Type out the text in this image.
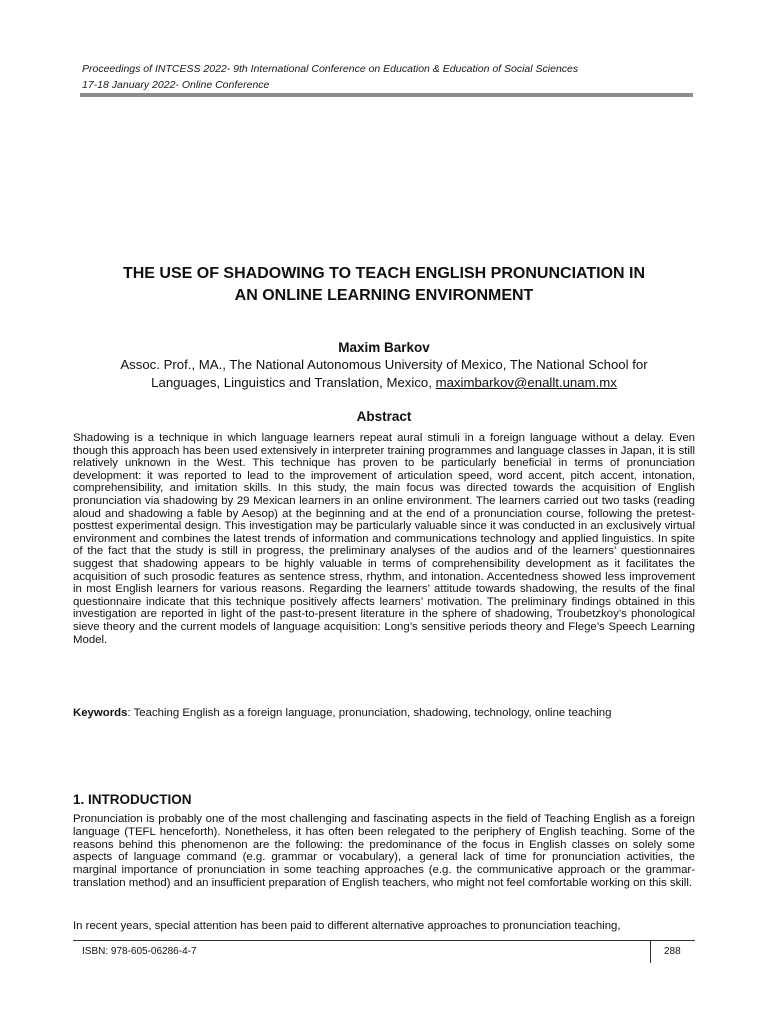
Proceedings of INTCESS 2022- 9th International Conference on Education & Education of Social Sciences
17-18 January 2022- Online Conference
THE USE OF SHADOWING TO TEACH ENGLISH PRONUNCIATION IN
AN ONLINE LEARNING ENVIRONMENT
Maxim Barkov
Assoc. Prof., MA., The National Autonomous University of Mexico, The National School for
Languages, Linguistics and Translation, Mexico, maximbarkov@enallt.unam.mx
Abstract

Shadowing is a technique in which language learners repeat aural stimuli in a foreign language without a delay. Even though this approach has been used extensively in interpreter training programmes and language classes in Japan, it is still relatively unknown in the West. This technique has proven to be particularly beneficial in terms of pronunciation development: it was reported to lead to the improvement of articulation speed, word accent, pitch accent, intonation, comprehensibility, and imitation skills. In this study, the main focus was directed towards the acquisition of English pronunciation via shadowing by 29 Mexican learners in an online environment. The learners carried out two tasks (reading aloud and shadowing a fable by Aesop) at the beginning and at the end of a pronunciation course, following the pretest-posttest experimental design. This investigation may be particularly valuable since it was conducted in an exclusively virtual environment and combines the latest trends of information and communications technology and applied linguistics. In spite of the fact that the study is still in progress, the preliminary analyses of the audios and of the learners’ questionnaires suggest that shadowing appears to be highly valuable in terms of comprehensibility development as it facilitates the acquisition of such prosodic features as sentence stress, rhythm, and intonation. Accentedness showed less improvement in most English learners for various reasons. Regarding the learners’ attitude towards shadowing, the results of the final questionnaire indicate that this technique positively affects learners’ motivation. The preliminary findings obtained in this investigation are reported in light of the past-to-present literature in the sphere of shadowing, Troubetzkoy’s phonological sieve theory and the current models of language acquisition: Long’s sensitive periods theory and Flege’s Speech Learning Model.

Keywords: Teaching English as a foreign language, pronunciation, shadowing, technology, online teaching
1. INTRODUCTION

Pronunciation is probably one of the most challenging and fascinating aspects in the field of Teaching English as a foreign language (TEFL henceforth). Nonetheless, it has often been relegated to the periphery of English teaching. Some of the reasons behind this phenomenon are the following: the predominance of the focus in English classes on solely some aspects of language command (e.g. grammar or vocabulary), a general lack of time for pronunciation activities, the marginal importance of pronunciation in some teaching approaches (e.g. the communicative approach or the grammar-translation method) and an insufficient preparation of English teachers, who might not feel comfortable working on this skill.

In recent years, special attention has been paid to different alternative approaches to pronunciation teaching,

ISBN: 978-605-06286-4-7	288
